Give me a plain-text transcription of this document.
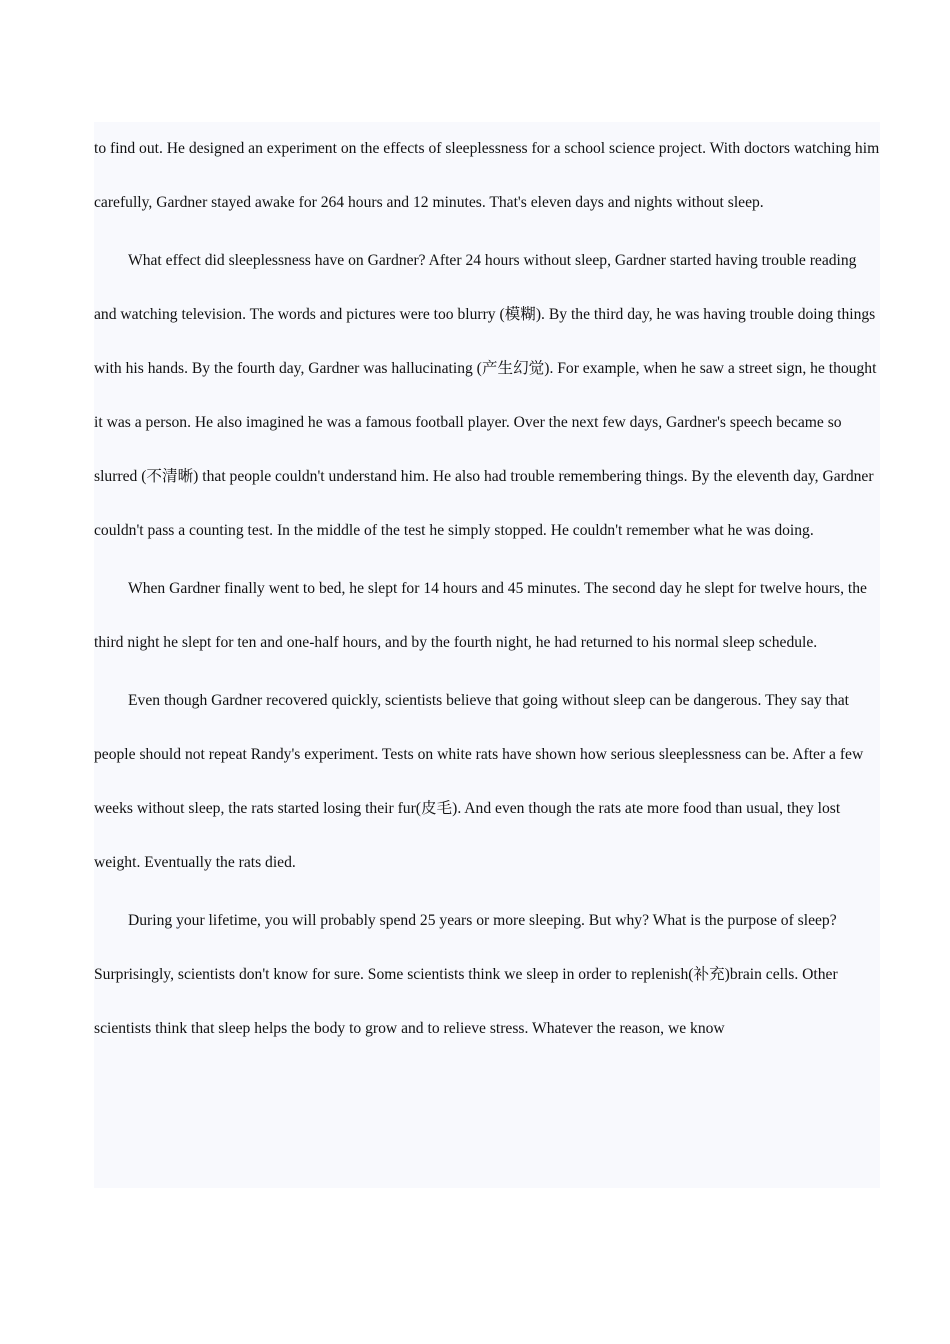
to find out. He designed an experiment on the effects of sleeplessness for a school science project. With doctors watching him carefully, Gardner stayed awake for 264 hours and 12 minutes. That's eleven days and nights without sleep.

What effect did sleeplessness have on Gardner? After 24 hours without sleep, Gardner started having trouble reading and watching television. The words and pictures were too blurry (模糊). By the third day, he was having trouble doing things with his hands. By the fourth day, Gardner was hallucinating (产生幻觉). For example, when he saw a street sign, he thought it was a person. He also imagined he was a famous football player. Over the next few days, Gardner's speech became so slurred (不清晰) that people couldn't understand him. He also had trouble remembering things. By the eleventh day, Gardner couldn't pass a counting test. In the middle of the test he simply stopped. He couldn't remember what he was doing.

When Gardner finally went to bed, he slept for 14 hours and 45 minutes. The second day he slept for twelve hours, the third night he slept for ten and one-half hours, and by the fourth night, he had returned to his normal sleep schedule.

Even though Gardner recovered quickly, scientists believe that going without sleep can be dangerous. They say that people should not repeat Randy's experiment. Tests on white rats have shown how serious sleeplessness can be. After a few weeks without sleep, the rats started losing their fur(皮毛). And even though the rats ate more food than usual, they lost weight. Eventually the rats died.

During your lifetime, you will probably spend 25 years or more sleeping. But why? What is the purpose of sleep? Surprisingly, scientists don't know for sure. Some scientists think we sleep in order to replenish(补充)brain cells. Other scientists think that sleep helps the body to grow and to relieve stress. Whatever the reason, we know
